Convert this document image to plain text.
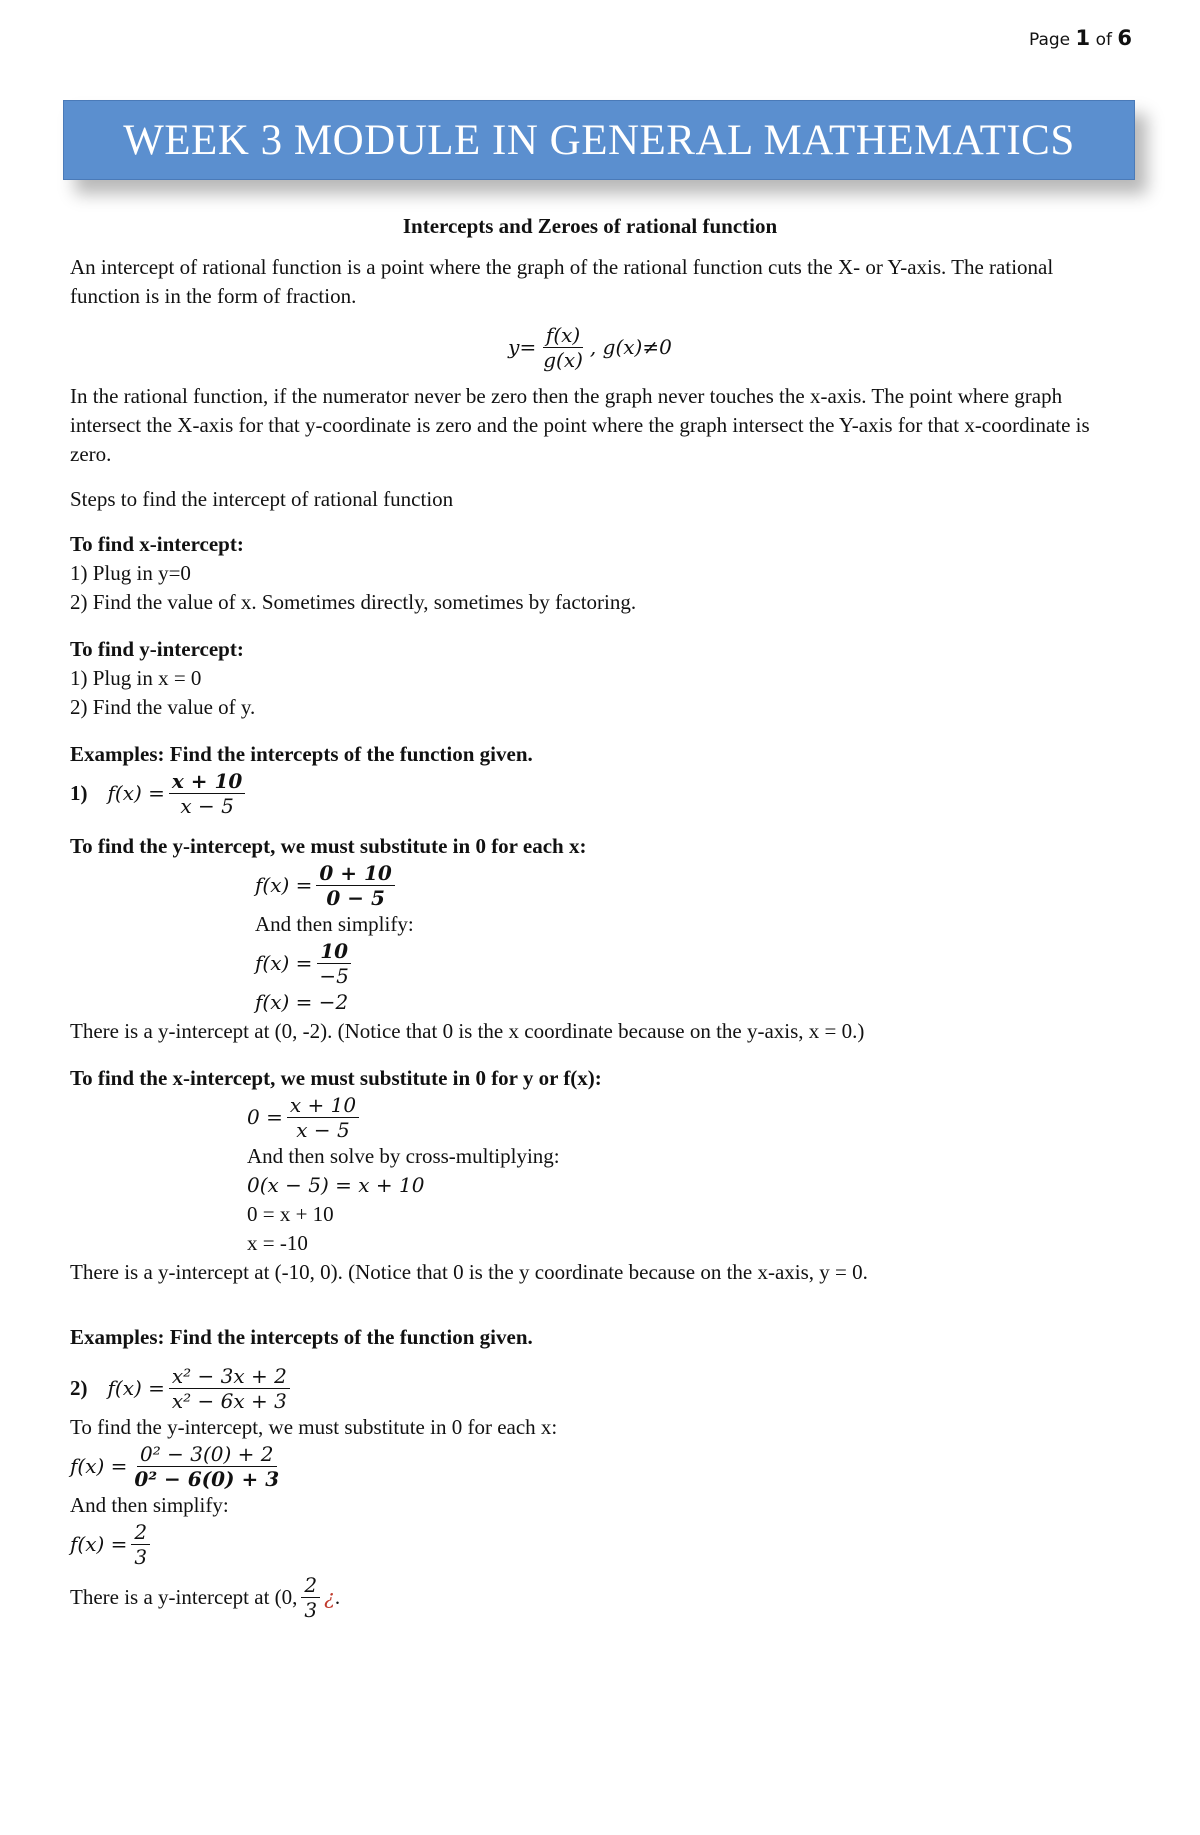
Page 1 of 6
WEEK 3 MODULE IN GENERAL MATHEMATICS
Intercepts and Zeroes of rational function

An intercept of rational function is a point where the graph of the rational function cuts the X- or Y-axis. The rational function is in the form of fraction.

$y= \frac{f(x)}{g(x)}$ , g(x)≠0

In the rational function, if the numerator never be zero then the graph never touches the x-axis. The point where graph intersect the X-axis for that y-coordinate is zero and the point where the graph intersect the Y-axis for that x-coordinate is zero.

Steps to find the intercept of rational function

To find x-intercept:
1) Plug in y=0
2) Find the value of x. Sometimes directly, sometimes by factoring.
To find y-intercept:
1) Plug in x = 0
2) Find the value of y.
Examples: Find the intercepts of the function given.
1) $f(x) = \frac{x + 10}{x - 5}$
To find the y-intercept, we must substitute in 0 for each x:
$f(x) = \frac{0 + 10}{0 - 5}$
And then simplify:
$f(x) = \frac{10}{-5}$
f(x) = −2
There is a y-intercept at (0, -2). (Notice that 0 is the x coordinate because on the y-axis, x = 0.)
To find the x-intercept, we must substitute in 0 for y or f(x):
$0 = \frac{x + 10}{x - 5}$
And then solve by cross-multiplying:
0(x − 5) = x + 10
0 = x + 10
x = -10
There is a y-intercept at (-10, 0). (Notice that 0 is the y coordinate because on the x-axis, y = 0.
Examples: Find the intercepts of the function given.
2) $f(x) = \frac{\text{x² − 3x + 2}}{\text{x² − 6x + 3}}$
To find the y-intercept, we must substitute in 0 for each x:
$f(x) = \frac{\text{0² − 3(0) + 2}}{\text{0² − 6(0) + 3}}$
And then simplify:
$f(x) = \frac{2}{3}$
There is a y-intercept at (0, $\frac{2}{3}$ ¿ .
